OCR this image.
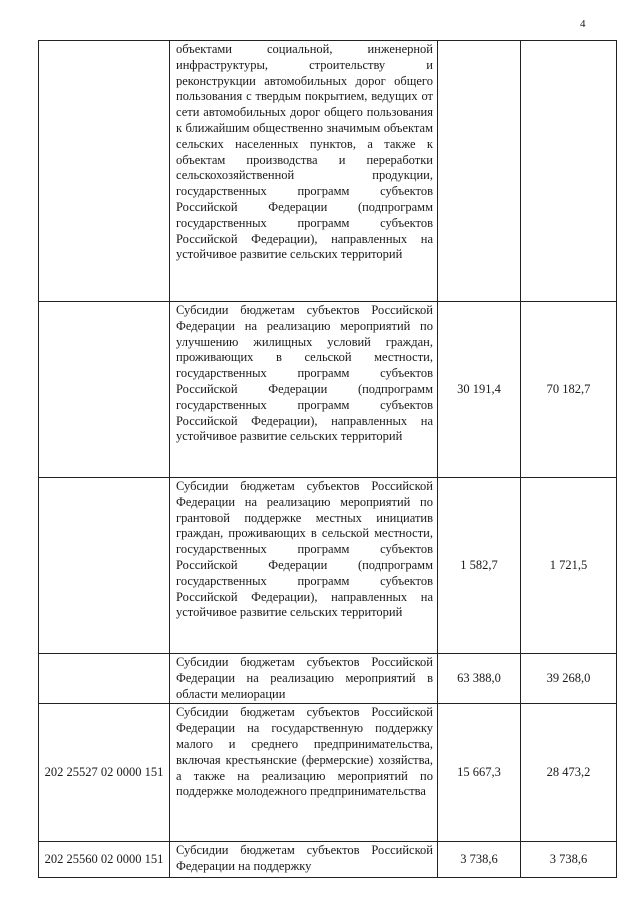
4

	объектами социальной, инженерной инфраструктуры, строительству и реконструкции автомобильных дорог общего пользования с твердым покрытием, ведущих от сети автомобильных дорог общего пользования к ближайшим общественно значимым объектам сельских населенных пунктов, а также к объектам производства и переработки сельскохозяйственной продукции, государственных программ субъектов Российской Федерации (подпрограмм государственных программ субъектов Российской Федерации), направленных на устойчивое развитие сельских территорий		

	Субсидии бюджетам субъектов Российской Федерации на реализацию мероприятий по улучшению жилищных условий граждан, проживающих в сельской местности, государственных программ субъектов Российской Федерации (подпрограмм государственных программ субъектов Российской Федерации), направленных на устойчивое развитие сельских территорий	30 191,4	70 182,7

	Субсидии бюджетам субъектов Российской Федерации на реализацию мероприятий по грантовой поддержке местных инициатив граждан, проживающих в сельской местности, государственных программ субъектов Российской Федерации (подпрограмм государственных программ субъектов Российской Федерации), направленных на устойчивое развитие сельских территорий	1 582,7	1 721,5

	Субсидии бюджетам субъектов Российской Федерации на реализацию мероприятий в области мелиорации	63 388,0	39 268,0
202 25527 02 0000 151	Субсидии бюджетам субъектов Российской Федерации на государственную поддержку малого и среднего предпринимательства, включая крестьянские (фермерские) хозяйства, а также на реализацию мероприятий по поддержке молодежного предпринимательства	15 667,3	28 473,2
202 25560 02 0000 151	Субсидии бюджетам субъектов Российской Федерации на поддержку	3 738,6	3 738,6
